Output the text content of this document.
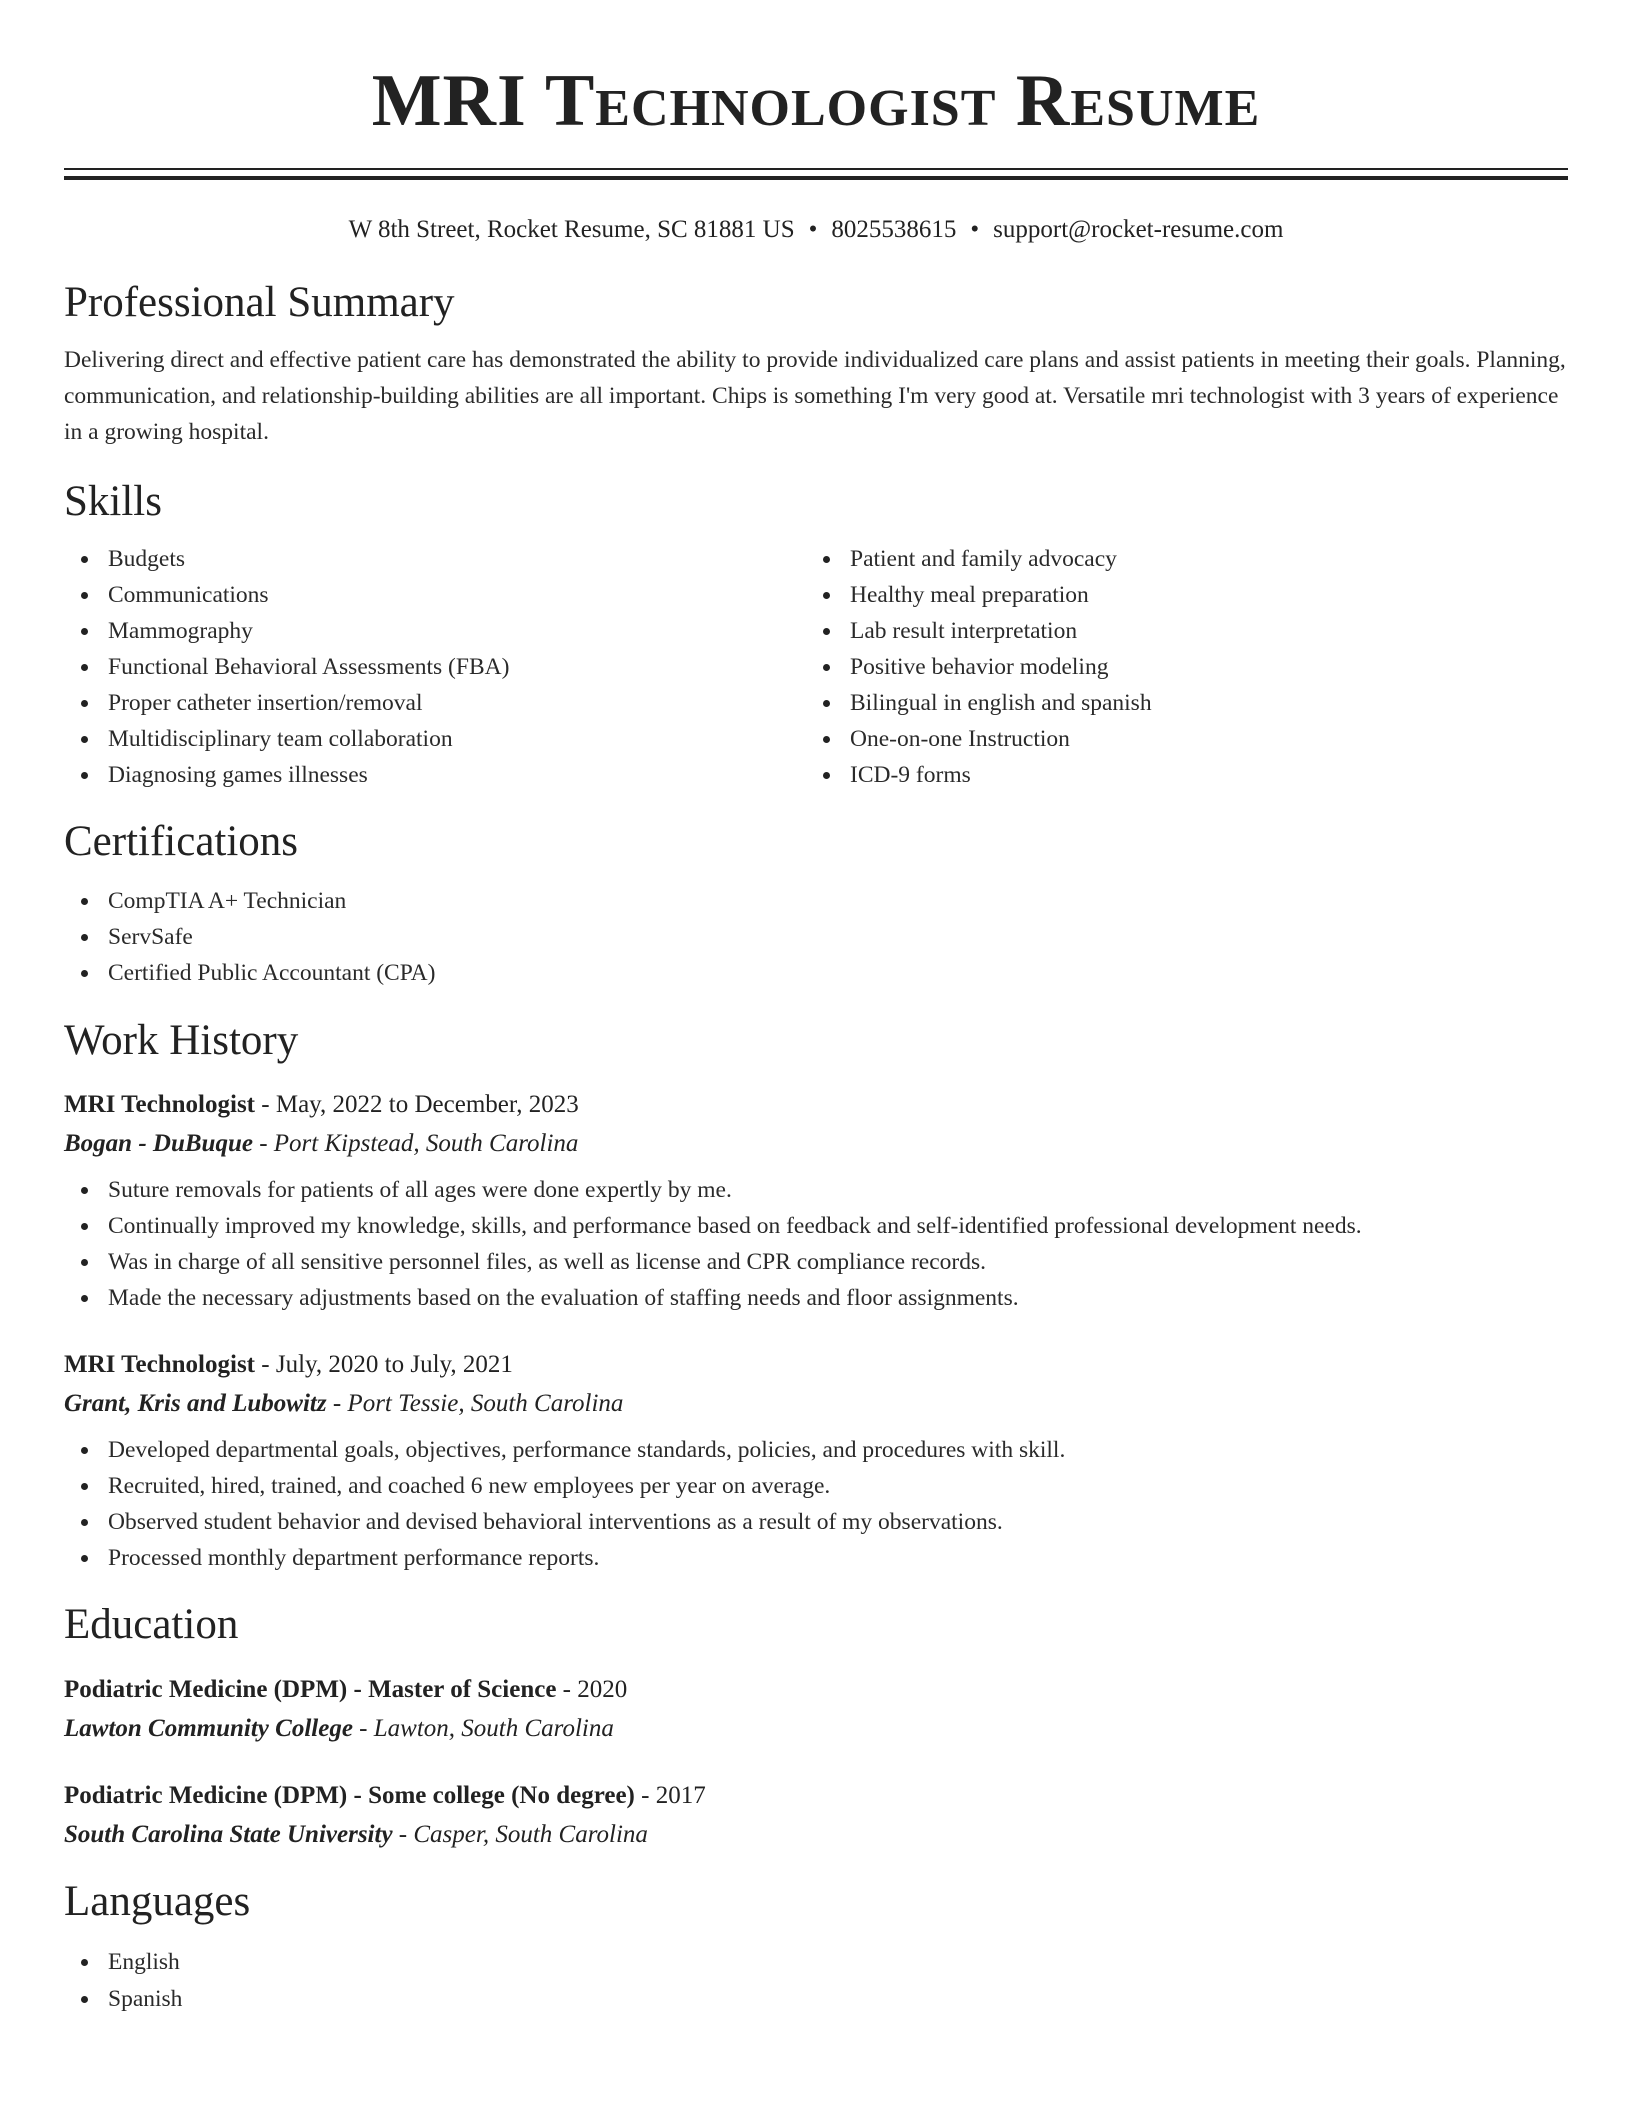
MRI Technologist Resume
W 8th Street, Rocket Resume, SC 81881 US • 8025538615 • support@rocket-resume.com
Professional Summary

Delivering direct and effective patient care has demonstrated the ability to provide individualized care plans and assist patients in meeting their goals. Planning, communication, and relationship-building abilities are all important. Chips is something I'm very good at. Versatile mri technologist with 3 years of experience in a growing hospital.

Skills
Budgets
Communications
Mammography
Functional Behavioral Assessments (FBA)
Proper catheter insertion/removal
Multidisciplinary team collaboration
Diagnosing games illnesses
Patient and family advocacy
Healthy meal preparation
Lab result interpretation
Positive behavior modeling
Bilingual in english and spanish
One-on-one Instruction
ICD-9 forms
Certifications
CompTIA A+ Technician
ServSafe
Certified Public Accountant (CPA)
Work History
MRI Technologist - May, 2022 to December, 2023
Bogan - DuBuque - Port Kipstead, South Carolina
Suture removals for patients of all ages were done expertly by me.
Continually improved my knowledge, skills, and performance based on feedback and self-identified professional development needs.
Was in charge of all sensitive personnel files, as well as license and CPR compliance records.
Made the necessary adjustments based on the evaluation of staffing needs and floor assignments.
MRI Technologist - July, 2020 to July, 2021
Grant, Kris and Lubowitz - Port Tessie, South Carolina
Developed departmental goals, objectives, performance standards, policies, and procedures with skill.
Recruited, hired, trained, and coached 6 new employees per year on average.
Observed student behavior and devised behavioral interventions as a result of my observations.
Processed monthly department performance reports.
Education
Podiatric Medicine (DPM) - Master of Science - 2020
Lawton Community College - Lawton, South Carolina
Podiatric Medicine (DPM) - Some college (No degree) - 2017
South Carolina State University - Casper, South Carolina
Languages
English
Spanish
